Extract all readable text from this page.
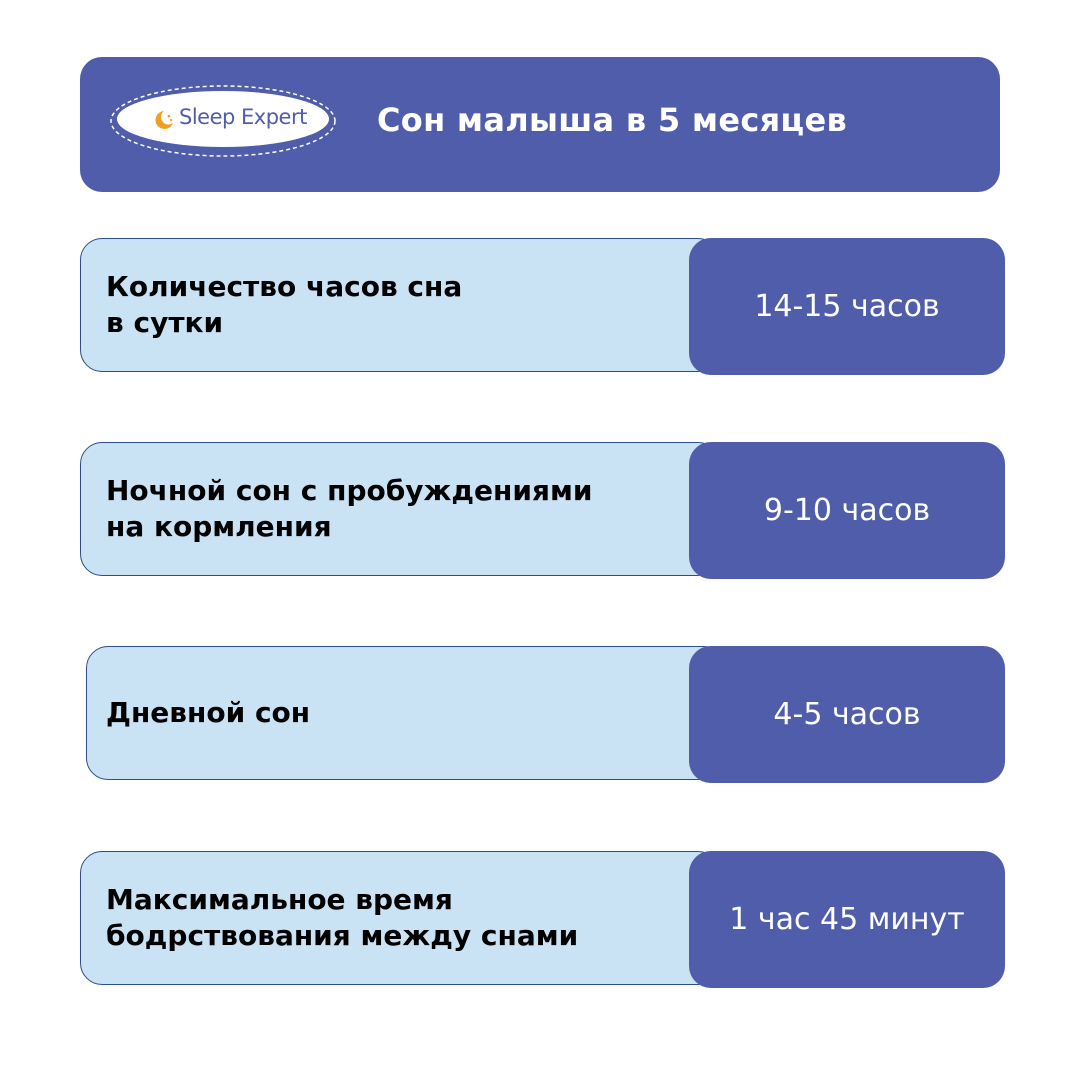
Sleep Expert Сон малыша в 5 месяцев
Количество часов сна
в сутки	14-15 часов
Ночной сон с пробуждениями
на кормления	9-10 часов
Дневной сон	4-5 часов
Максимальное время
бодрствования между снами	1 час 45 минут
